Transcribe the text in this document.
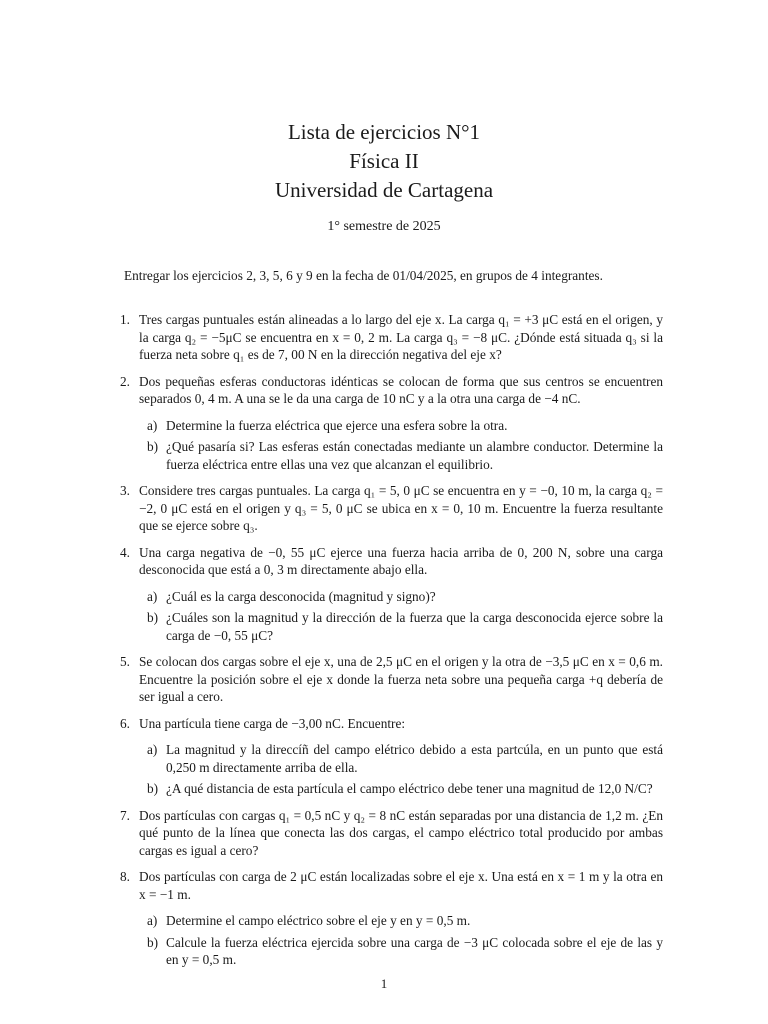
Lista de ejercicios N°1
Física II
Universidad de Cartagena
1° semestre de 2025
Entregar los ejercicios 2, 3, 5, 6 y 9 en la fecha de 01/04/2025, en grupos de 4 integrantes.
1. Tres cargas puntuales están alineadas a lo largo del eje x. La carga q₁ = +3 μC está en el origen, y la carga q₂ = −5μC se encuentra en x = 0, 2 m. La carga q₃ = −8 μC. ¿Dónde está situada q₃ si la fuerza neta sobre q₁ es de 7, 00 N en la dirección negativa del eje x?
2. Dos pequeñas esferas conductoras idénticas se colocan de forma que sus centros se encuentren separados 0, 4 m. A una se le da una carga de 10 nC y a la otra una carga de −4 nC.
a) Determine la fuerza eléctrica que ejerce una esfera sobre la otra.
b) ¿Qué pasaría si? Las esferas están conectadas mediante un alambre conductor. Determine la fuerza eléctrica entre ellas una vez que alcanzan el equilibrio.
3. Considere tres cargas puntuales. La carga q₁ = 5, 0 μC se encuentra en y = −0, 10 m, la carga q₂ = −2, 0 μC está en el origen y q₃ = 5, 0 μC se ubica en x = 0, 10 m. Encuentre la fuerza resultante que se ejerce sobre q₃.
4. Una carga negativa de −0, 55 μC ejerce una fuerza hacia arriba de 0, 200 N, sobre una carga desconocida que está a 0, 3 m directamente abajo ella.
a) ¿Cuál es la carga desconocida (magnitud y signo)?
b) ¿Cuáles son la magnitud y la dirección de la fuerza que la carga desconocida ejerce sobre la carga de −0, 55 μC?
5. Se colocan dos cargas sobre el eje x, una de 2,5 μC en el origen y la otra de −3,5 μC en x = 0,6 m. Encuentre la posición sobre el eje x donde la fuerza neta sobre una pequeña carga +q debería de ser igual a cero.
6. Una partícula tiene carga de −3,00 nC. Encuentre:
a) La magnitud y la direccíñ del campo elétrico debido a esta partcúla, en un punto que está 0,250 m directamente arriba de ella.
b) ¿A qué distancia de esta partícula el campo eléctrico debe tener una magnitud de 12,0 N/C?
7. Dos partículas con cargas q₁ = 0,5 nC y q₂ = 8 nC están separadas por una distancia de 1,2 m. ¿En qué punto de la línea que conecta las dos cargas, el campo eléctrico total producido por ambas cargas es igual a cero?
8. Dos partículas con carga de 2 μC están localizadas sobre el eje x. Una está en x = 1 m y la otra en x = −1 m.
a) Determine el campo eléctrico sobre el eje y en y = 0,5 m.
b) Calcule la fuerza eléctrica ejercida sobre una carga de −3 μC colocada sobre el eje de las y en y = 0,5 m.
1
